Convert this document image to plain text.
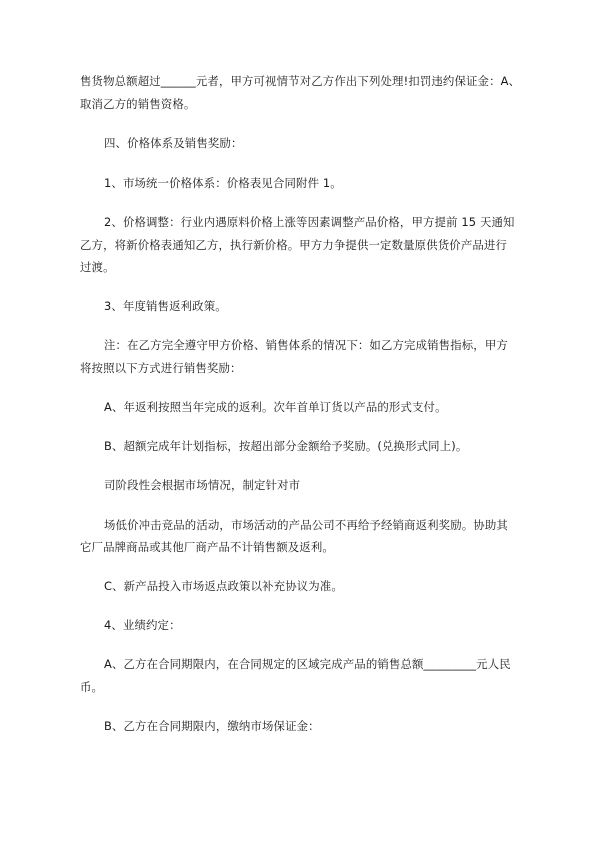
售货物总额超过______元者，甲方可视情节对乙方作出下列处理!扣罚违约保证金：A、
取消乙方的销售资格。
四、价格体系及销售奖励：
1、市场统一价格体系：价格表见合同附件 1。
2、价格调整：行业内遇原料价格上涨等因素调整产品价格，甲方提前 15 天通知
乙方，将新价格表通知乙方，执行新价格。甲方力争提供一定数量原供货价产品进行
过渡。
3、年度销售返利政策。
注：在乙方完全遵守甲方价格、销售体系的情况下：如乙方完成销售指标，甲方
将按照以下方式进行销售奖励：
A、年返利按照当年完成的返利。次年首单订货以产品的形式支付。
B、超额完成年计划指标，按超出部分金额给予奖励。(兑换形式同上)。
司阶段性会根据市场情况，制定针对市
场低价冲击竞品的活动，市场活动的产品公司不再给予经销商返利奖励。协助其
它厂品牌商品或其他厂商产品不计销售额及返利。
C、新产品投入市场返点政策以补充协议为准。
4、业绩约定：
A、乙方在合同期限内，在合同规定的区域完成产品的销售总额_________元人民
币。
B、乙方在合同期限内，缴纳市场保证金：
